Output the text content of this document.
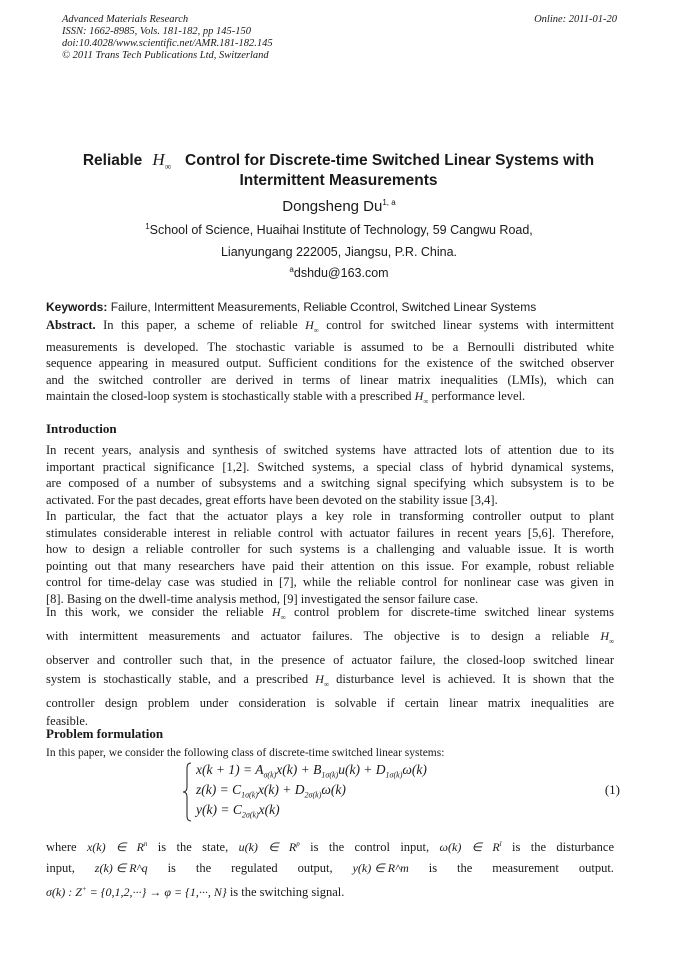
Advanced Materials Research
ISSN: 1662-8985, Vols. 181-182, pp 145-150
doi:10.4028/www.scientific.net/AMR.181-182.145
© 2011 Trans Tech Publications Ltd, Switzerland
Online: 2011-01-20
Reliable $H_\infty$ Control for Discrete-time Switched Linear Systems with
Intermittent Measurements
Dongsheng Du$^{1, a}$
$^1$School of Science, Huaihai Institute of Technology, 59 Cangwu Road,
Lianyungang 222005, Jiangsu, P.R. China.
$^a$dshdu@163.com
Keywords: Failure, Intermittent Measurements, Reliable Ccontrol, Switched Linear Systems
Abstract. In this paper, a scheme of reliable $H_\infty$ control for switched linear systems with intermittent
measurements is developed. The stochastic variable is assumed to be a Bernoulli distributed white
sequence appearing in measured output. Sufficient conditions for the existence of the switched observer
and the switched controller are derived in terms of linear matrix inequalities (LMIs), which can
maintain the closed-loop system is stochastically stable with a prescribed $H_\infty$ performance level.
Introduction
In recent years, analysis and synthesis of switched systems have attracted lots of attention due to its
important practical significance [1,2]. Switched systems, a special class of hybrid dynamical systems,
are composed of a number of subsystems and a switching signal specifying which subsystem is to be
activated. For the past decades, great efforts have been devoted on the stability issue [3,4].
In particular, the fact that the actuator plays a key role in transforming controller output to plant
stimulates considerable interest in reliable control with actuator failures in recent years [5,6]. Therefore,
how to design a reliable controller for such systems is a challenging and valuable issue. It is worth
pointing out that many researchers have paid their attention on this issue. For example, robust reliable
control for time-delay case was studied in [7], while the reliable control for nonlinear case was given in
[8]. Basing on the dwell-time analysis method, [9] investigated the sensor failure case.
In this work, we consider the reliable $H_\infty$ control problem for discrete-time switched linear systems
with intermittent measurements and actuator failures. The objective is to design a reliable $H_\infty$
observer and controller such that, in the presence of actuator failure, the closed-loop switched linear
system is stochastically stable, and a prescribed $H_\infty$ disturbance level is achieved. It is shown that the
controller design problem under consideration is solvable if certain linear matrix inequalities are
feasible.
Problem formulation
In this paper, we consider the following class of discrete-time switched linear systems:
$x(k + 1) = A_{\sigma(k)}x(k) + B_{1\sigma(k)}u(k) + D_{1\sigma(k)}\omega(k)$
$z(k) = C_{1\sigma(k)}x(k) + D_{2\sigma(k)}\omega(k)$
$y(k) = C_{2\sigma(k)}x(k)$
(1)
where x(k) ∈ $R^n$ is the state, u(k) ∈ $R^p$ is the control input, ω(k) ∈ $R^l$ is the disturbance
input, z(k) ∈ R^q is the regulated output, y(k) ∈ R^m is the measurement output.
σ(k) : Z+ = {0,1,2,···} → φ = {1,···, N} is the switching signal.
